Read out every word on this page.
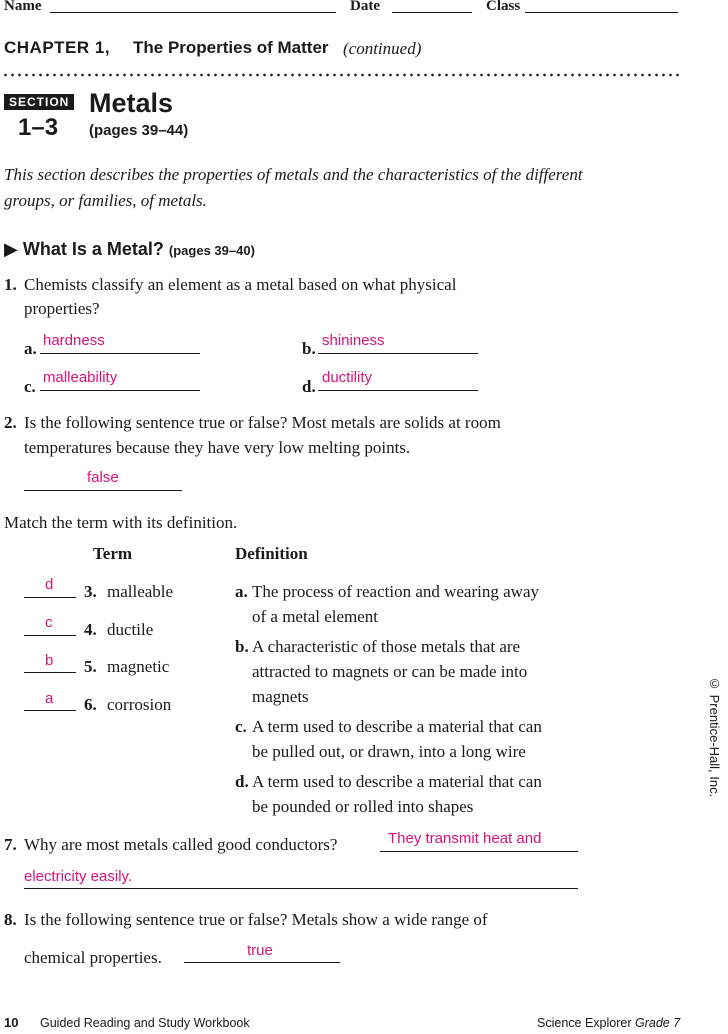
Name	Date	Class
CHAPTER 1, The Properties of Matter (continued)
SECTION
1–3
Metals
(pages 39–44)
This section describes the properties of metals and the characteristics of the different
groups, or families, of metals.
▶ What Is a Metal? (pages 39–40)
1. Chemists classify an element as a metal based on what physical
properties?
a. hardness	b. shininess
c. malleability	d. ductility
2. Is the following sentence true or false? Most metals are solids at room
temperatures because they have very low melting points.
false
Match the term with its definition.
Term	Definition
d 3. malleable
c 4. ductile
b 5. magnetic
a 6. corrosion
a. The process of reaction and wearing away
of a metal element
b. A characteristic of those metals that are
attracted to magnets or can be made into
magnets
c. A term used to describe a material that can
be pulled out, or drawn, into a long wire
d. A term used to describe a material that can
be pounded or rolled into shapes
7. Why are most metals called good conductors?	They transmit heat and
electricity easily.
8. Is the following sentence true or false? Metals show a wide range of
chemical properties.	true
© Prentice-Hall, Inc.
10 Guided Reading and Study Workbook	Science Explorer Grade 7
